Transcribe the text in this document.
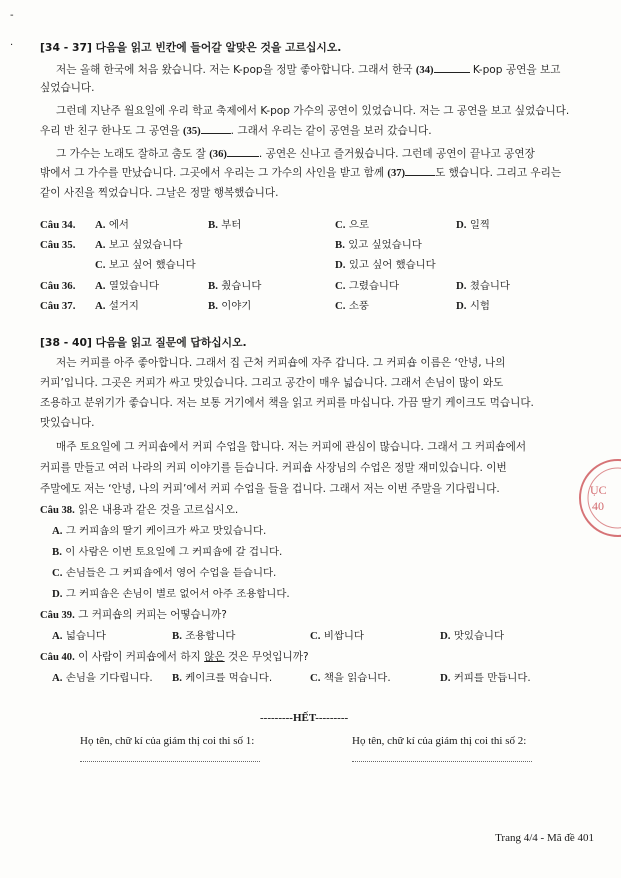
-
· [34 - 37] 다음을 읽고 빈칸에 들어갈 알맞은 것을 고르십시오.
저는 올해 한국에 처음 왔습니다. 저는 K-pop을 정말 좋아합니다. 그래서 한국 (34)	K-pop 공연을 보고
싶었습니다.
그런데 지난주 월요일에 우리 학교 축제에서 K-pop 가수의 공연이 있었습니다. 저는 그 공연을 보고 싶었습니다.
우리 반 친구 한나도 그 공연을 (35)	. 그래서 우리는 같이 공연을 보러 갔습니다.
그 가수는 노래도 잘하고 춤도 잘 (36)	. 공연은 신나고 즐거웠습니다. 그런데 공연이 끝나고 공연장
밖에서 그 가수를 만났습니다. 그곳에서 우리는 그 가수의 사인을 받고 함께 (37)	도 했습니다. 그리고 우리는
같이 사진을 찍었습니다. 그날은 정말 행복했습니다.
Câu 34. A. 에서	B. 부터	C. 으로	D. 일찍
Câu 35. A. 보고 싶었습니다	B. 있고 싶었습니다
C. 보고 싶어 했습니다	D. 있고 싶어 했습니다
Câu 36. A. 열었습니다	B. 췄습니다	C. 그렸습니다	D. 쳤습니다
Câu 37. A. 설거지	B. 이야기	C. 소풍	D. 시험
[38 - 40] 다음을 읽고 질문에 답하십시오.
저는 커피를 아주 좋아합니다. 그래서 집 근처 커피숍에 자주 갑니다. 그 커피숍 이름은 ‘안녕, 나의
커피’입니다. 그곳은 커피가 싸고 맛있습니다. 그리고 공간이 매우 넓습니다. 그래서 손님이 많이 와도
조용하고 분위기가 좋습니다. 저는 보통 거기에서 책을 읽고 커피를 마십니다. 가끔 딸기 케이크도 먹습니다.
맛있습니다.
매주 토요일에 그 커피숍에서 커피 수업을 합니다. 저는 커피에 관심이 많습니다. 그래서 그 커피숍에서
커피를 만들고 여러 나라의 커피 이야기를 듣습니다. 커피숍 사장님의 수업은 정말 재미있습니다. 이번
주말에도 저는 ‘안녕, 나의 커피’에서 커피 수업을 들을 겁니다. 그래서 저는 이번 주말을 기다립니다.
Câu 38. 읽은 내용과 같은 것을 고르십시오.
A. 그 커피숍의 딸기 케이크가 싸고 맛있습니다.
B. 이 사람은 이번 토요일에 그 커피숍에 갈 겁니다.
C. 손님들은 그 커피숍에서 영어 수업을 듣습니다.
D. 그 커피숍은 손님이 별로 없어서 아주 조용합니다.
Câu 39. 그 커피숍의 커피는 어떻습니까?
A. 넓습니다	B. 조용합니다	C. 비쌉니다	D. 맛있습니다
Câu 40. 이 사람이 커피숍에서 하지 않은 것은 무엇입니까?
A. 손님을 기다립니다. B. 케이크를 먹습니다.	C. 책을 읽습니다.	D. 커피를 만듭니다.
---------HẾT---------
Họ tên, chữ kí của giám thị coi thi số 1:	Họ tên, chữ kí của giám thị coi thi số 2:
Trang 4/4 - Mã đề 401
ỤC
40
